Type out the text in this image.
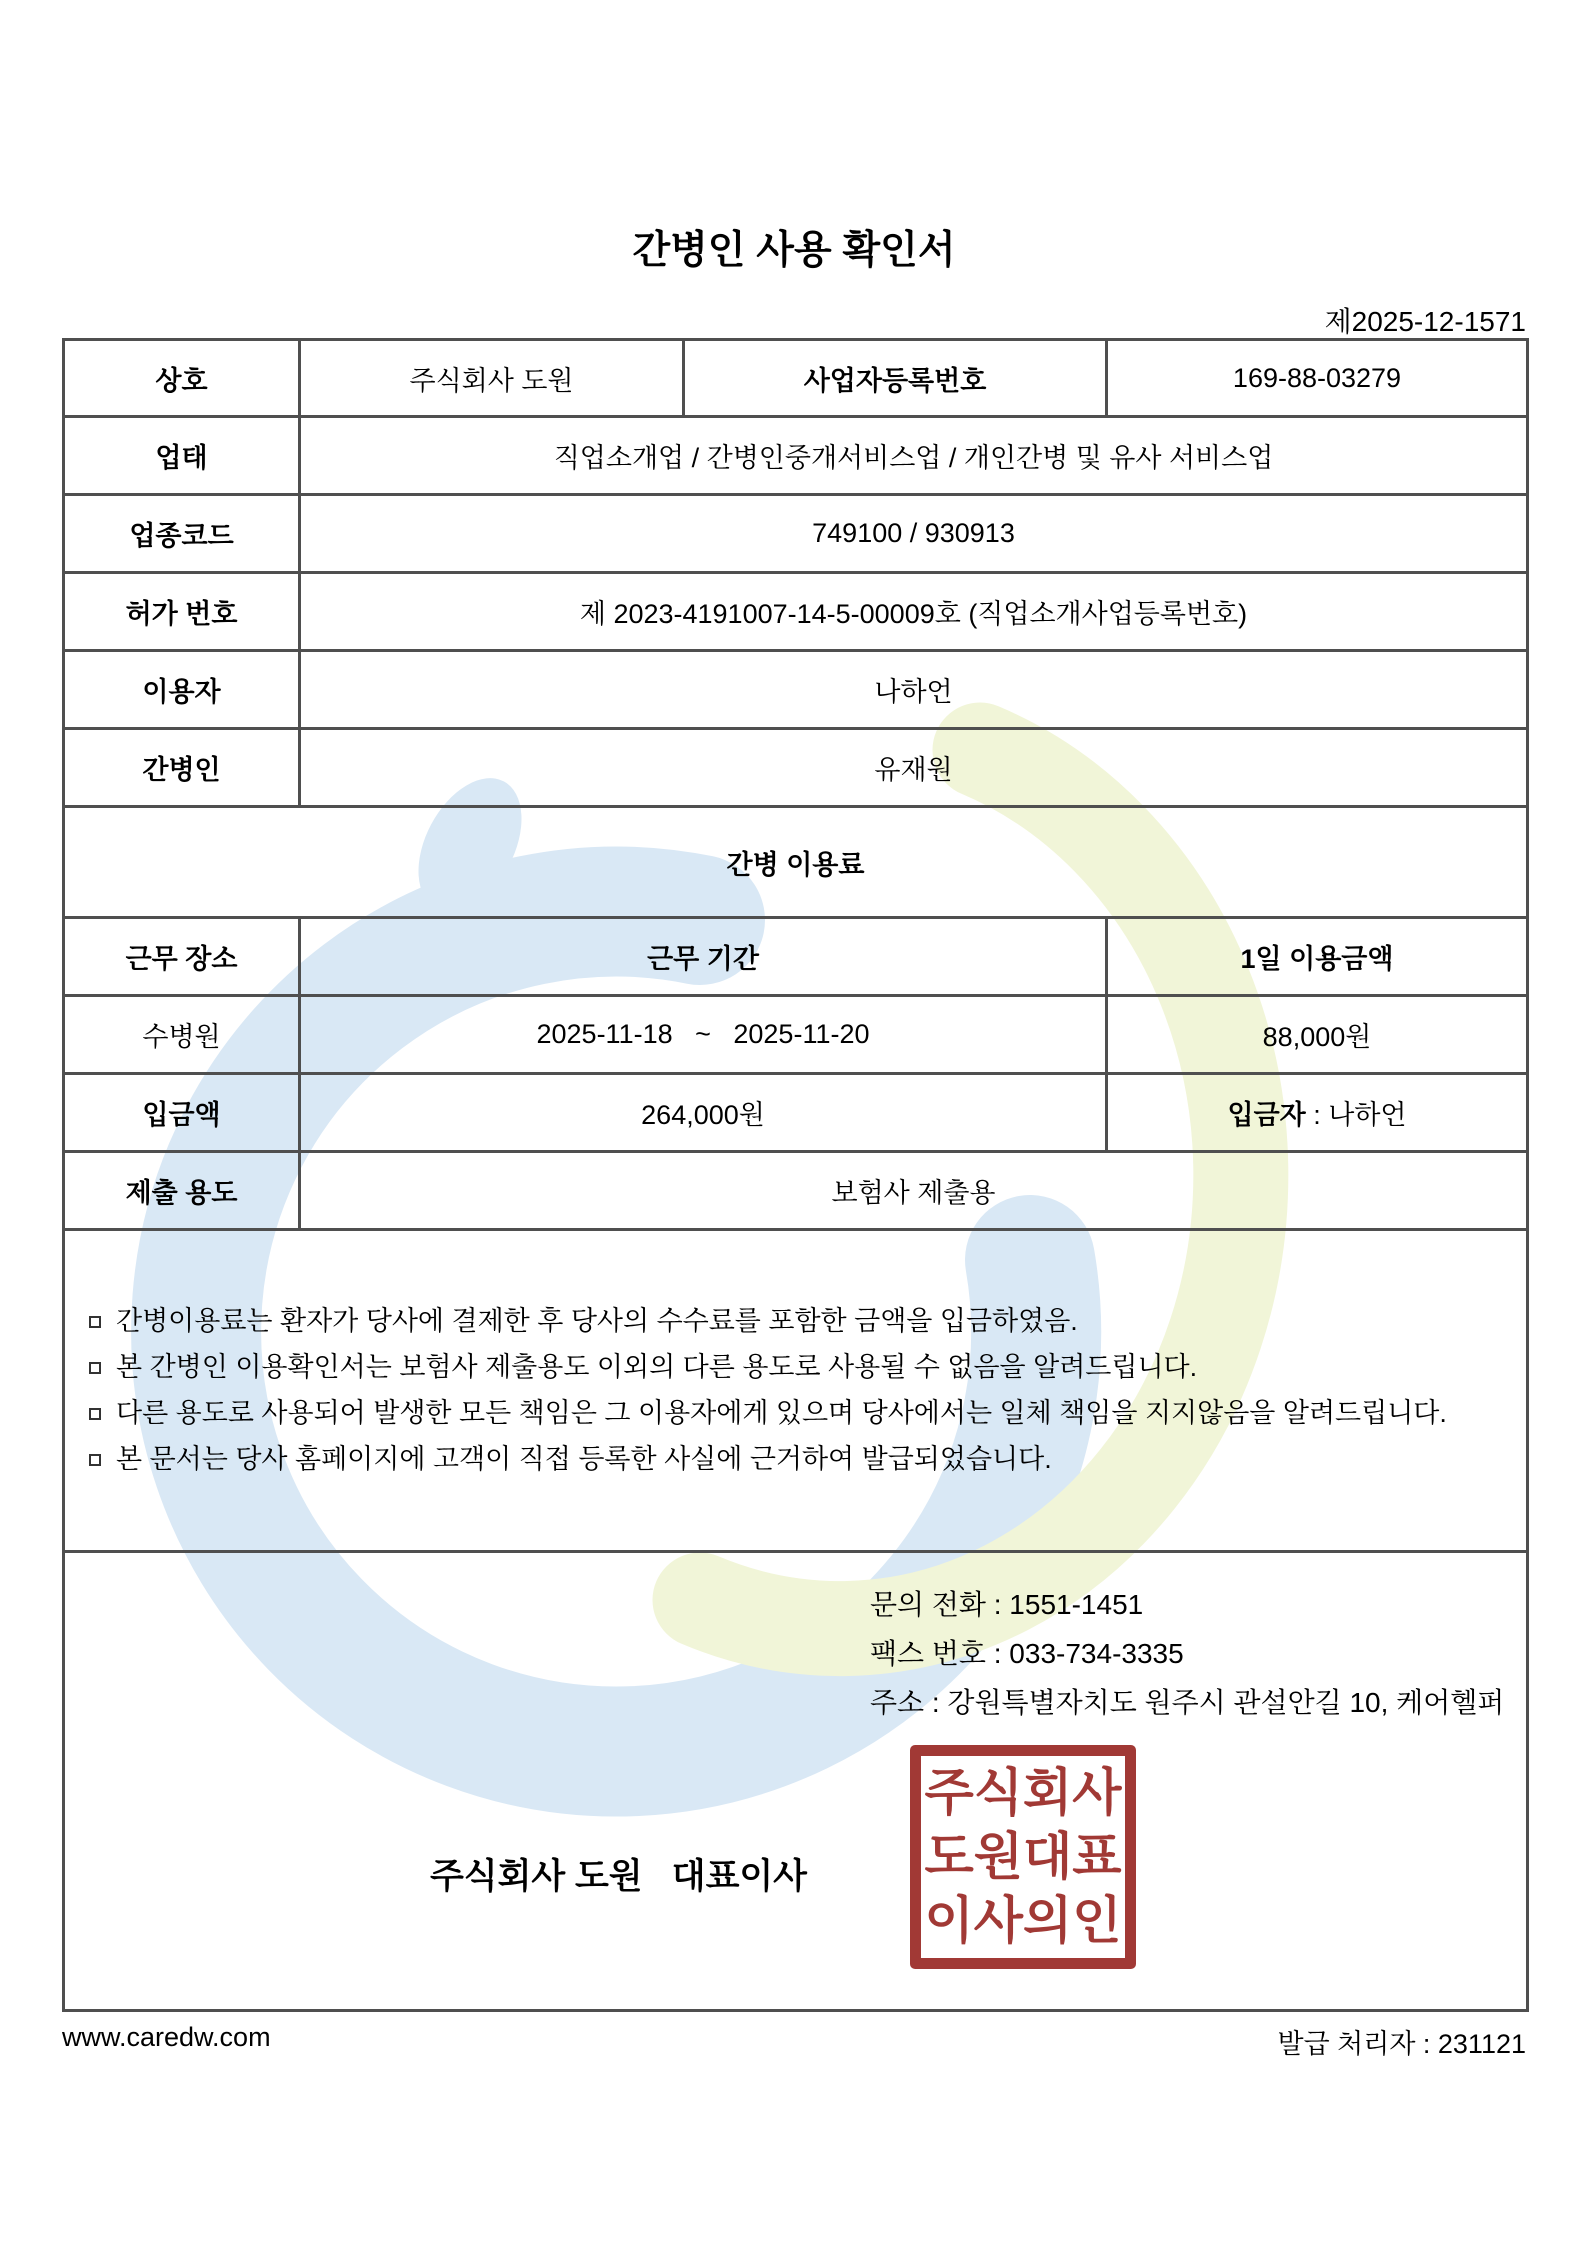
간병인 사용 확인서
제2025-12-1571
상호	주식회사 도원	사업자등록번호	169-88-03279
업태	직업소개업 / 간병인중개서비스업 / 개인간병 및 유사 서비스업		
업종코드	749100 / 930913		
허가 번호	제 2023-4191007-14-5-00009호 (직업소개사업등록번호)		
이용자	나하언		
간병인	유재원		
간병 이용료			
근무 장소	근무 기간		1일 이용금액
수병원	2025-11-18   ~   2025-11-20		88,000원
입금액	264,000원		입금자 : 나하언
제출 용도	보험사 제출용		

간병이용료는 환자가 당사에 결제한 후 당사의 수수료를 포함한 금액을 입금하였음.
본 간병인 이용확인서는 보험사 제출용도 이외의 다른 용도로 사용될 수 없음을 알려드립니다.
다른 용도로 사용되어 발생한 모든 책임은 그 이용자에게 있으며 당사에서는 일체 책임을 지지않음을 알려드립니다.
본 문서는 당사 홈페이지에 고객이 직접 등록한 사실에 근거하여 발급되었습니다.			

문의 전화 : 1551-1451
팩스 번호 : 033-734-3335
주소 : 강원특별자치도 원주시 관설안길 10, 케어헬퍼
주식회사 도원   대표이사
주식회사
도원대표
이사의인
www.caredw.com	발급 처리자 : 231121
